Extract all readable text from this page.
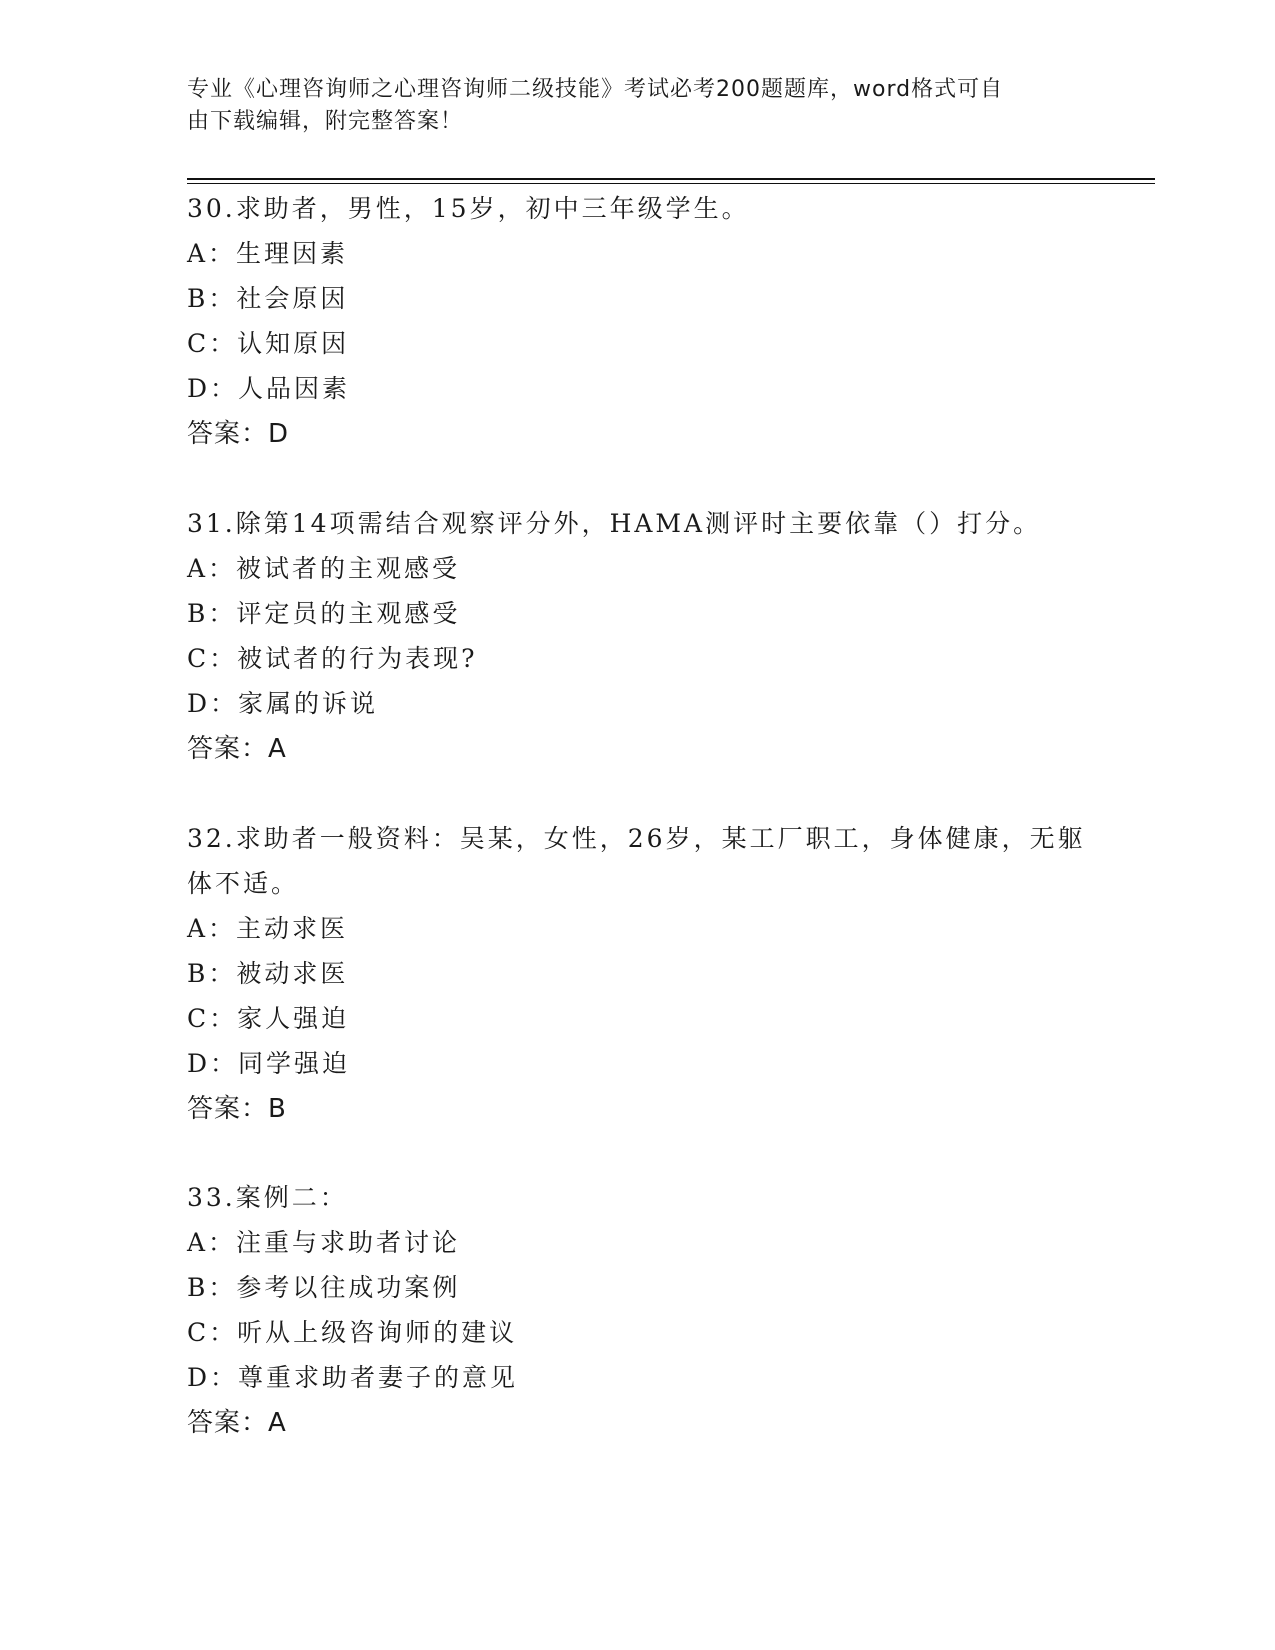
专业《心理咨询师之心理咨询师二级技能》考试必考200题题库，word格式可自
由下载编辑，附完整答案！
30.求助者，男性，15岁，初中三年级学生。
A：生理因素
B：社会原因
C：认知原因
D：人品因素
答案：D
31.除第14项需结合观察评分外，HAMA测评时主要依靠（）打分。
A：被试者的主观感受
B：评定员的主观感受
C：被试者的行为表现?
D：家属的诉说
答案：A
32.求助者一般资料：吴某，女性，26岁，某工厂职工，身体健康，无躯体不适。
A：主动求医
B：被动求医
C：家人强迫
D：同学强迫
答案：B
33.案例二：
A：注重与求助者讨论
B：参考以往成功案例
C：听从上级咨询师的建议
D：尊重求助者妻子的意见
答案：A
